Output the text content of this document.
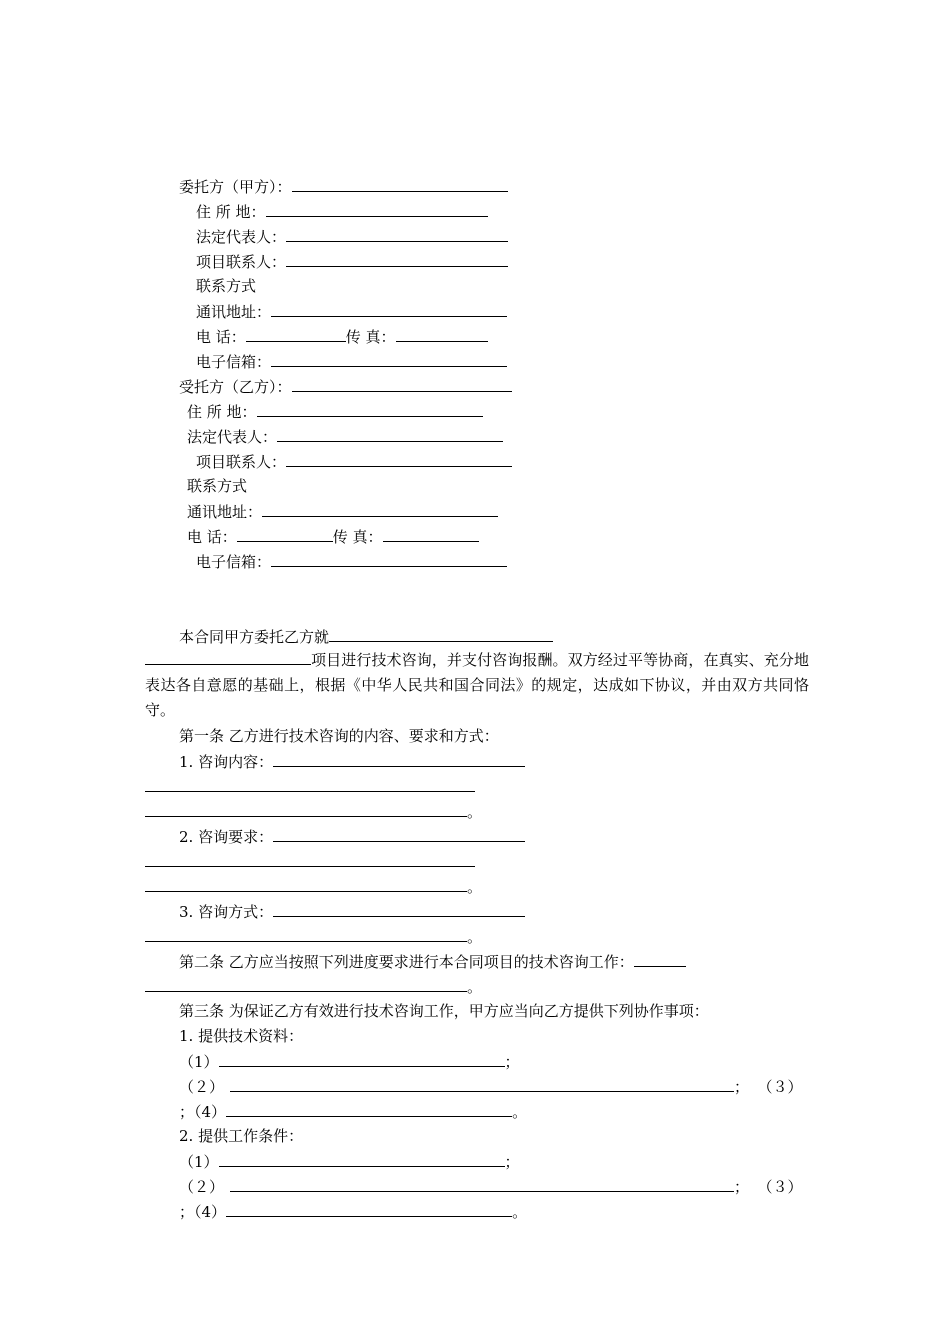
委托方（甲方）：
住 所 地：
法定代表人：
项目联系人：
联系方式
通讯地址：
电 话：	传 真：
电子信箱：
受托方（乙方）：
住 所 地：
法定代表人：
项目联系人：
联系方式
通讯地址：
电 话：	传 真：
电子信箱：
本合同甲方委托乙方就
项目进行技术咨询，并支付咨询报酬。双方经过平等协商，在真实、充分地表达各自意愿的基础上，根据《中华人民共和国合同法》的规定，达成如下协议，并由双方共同恪守。
第一条 乙方进行技术咨询的内容、要求和方式：
1. 咨询内容：
。
2. 咨询要求：
。
3. 咨询方式：
。
第二条 乙方应当按照下列进度要求进行本合同项目的技术咨询工作：
。
第三条 为保证乙方有效进行技术咨询工作，甲方应当向乙方提供下列协作事项：
1. 提供技术资料：
（1）	；
（２）	； （３）
；（4）	。
2. 提供工作条件：
（1）	；
（２）	； （３）
；（4）	。
